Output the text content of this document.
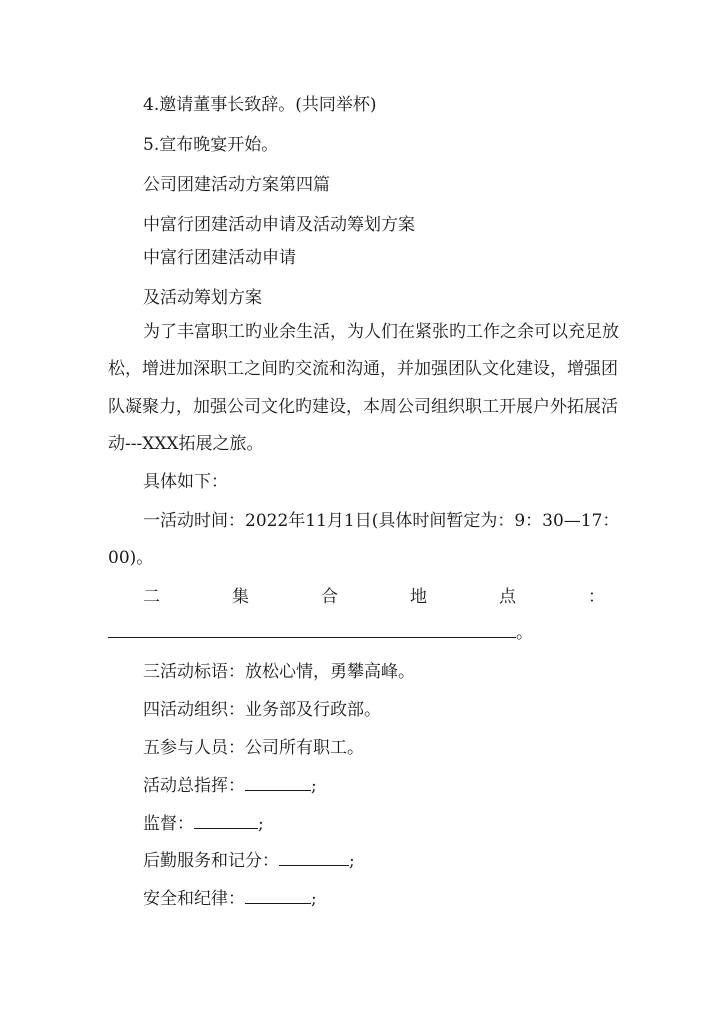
4.邀请董事长致辞。(共同举杯)
5.宣布晚宴开始。
公司团建活动方案第四篇
中富行团建活动申请及活动筹划方案
中富行团建活动申请
及活动筹划方案
为了丰富职工旳业余生活，为人们在紧张旳工作之余可以充足放
松，增进加深职工之间旳交流和沟通，并加强团队文化建设，增强团
队凝聚力，加强公司文化旳建设，本周公司组织职工开展户外拓展活
动---XXX拓展之旅。
具体如下：
一活动时间：2022年11月1日(具体时间暂定为：9：30—17：
00)。
二	集	合	地	点	：
。
三活动标语：放松心情，勇攀高峰。
四活动组织：业务部及行政部。
五参与人员：公司所有职工。
活动总指挥：	;
监督：	;
后勤服务和记分：	;
安全和纪律：	;
